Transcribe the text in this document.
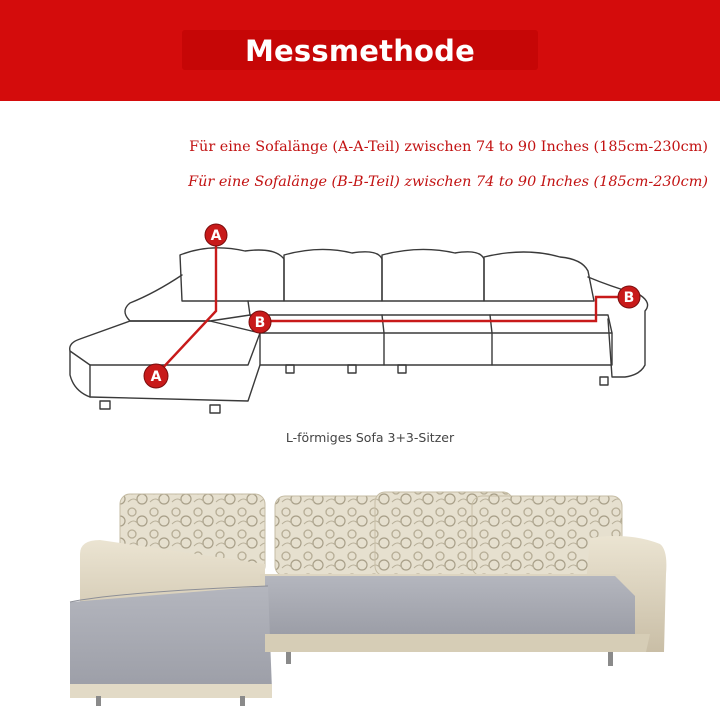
Messmethode

Für eine Sofalänge (A-A-Teil) zwischen 74 to 90 Inches (185cm-230cm)

Für eine Sofalänge (B-B-Teil) zwischen 74 to 90 Inches (185cm-230cm)

A
A
B
B

L-förmiges Sofa 3+3-Sitzer
